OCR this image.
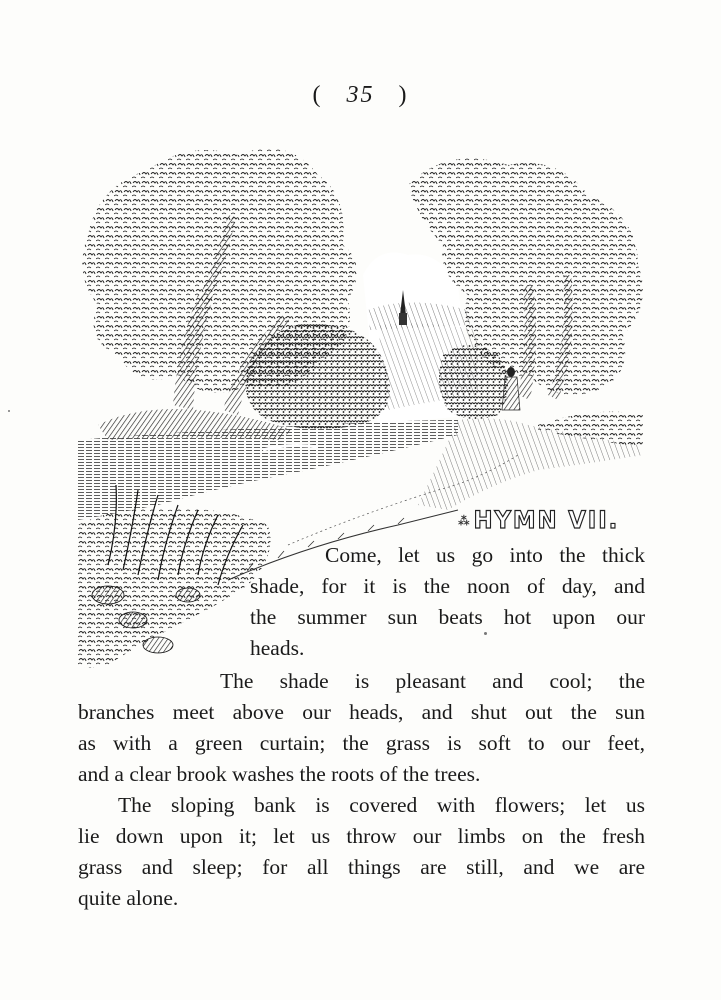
( 35 )
⁂HYMN VII.
Come, let us go into the thick
shade, for it is the noon of day, and
the summer sun beats hot upon our
heads.
The shade is pleasant and cool; the
branches meet above our heads, and shut out the sun
as with a green curtain; the grass is soft to our feet,
and a clear brook washes the roots of the trees.
The sloping bank is covered with flowers; let us
lie down upon it; let us throw our limbs on the fresh
grass and sleep; for all things are still, and we are
quite alone.
